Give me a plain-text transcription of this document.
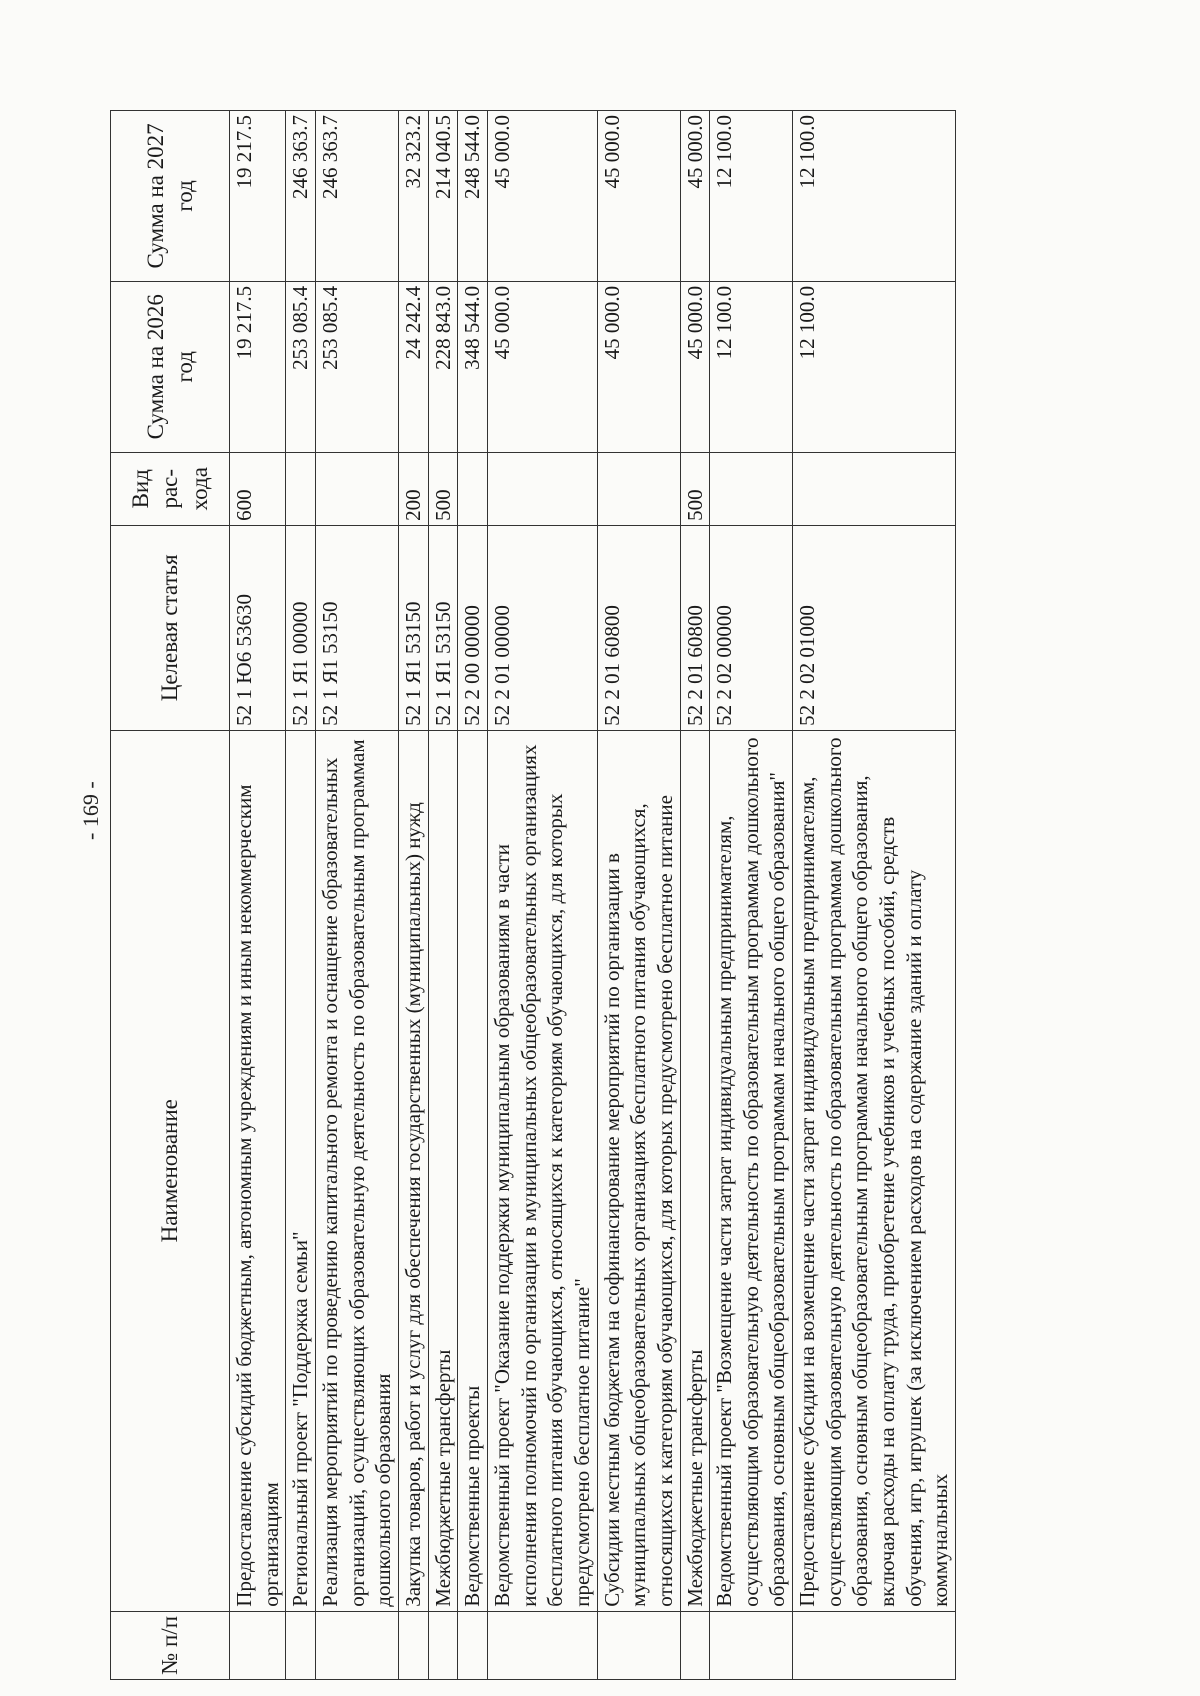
- 169 -
№ п/п	Наименование	Целевая статья	Вид рас-хода	Сумма на 2026 год	Сумма на 2027 год
	Предоставление субсидий бюджетным, автономным учреждениям и иным некоммерческим организациям	52 1 Ю6 53630	600	19 217.5	19 217.5
	Региональный проект "Поддержка семьи"	52 1 Я1 00000		253 085.4	246 363.7
	Реализация мероприятий по проведению капитального ремонта и оснащение образовательных организаций, осуществляющих образовательную деятельность по образовательным программам дошкольного образования	52 1 Я1 53150		253 085.4	246 363.7
	Закупка товаров, работ и услуг для обеспечения государственных (муниципальных) нужд	52 1 Я1 53150	200	24 242.4	32 323.2
	Межбюджетные трансферты	52 1 Я1 53150	500	228 843.0	214 040.5
	Ведомственные проекты	52 2 00 00000		348 544.0	248 544.0
	Ведомственный проект "Оказание поддержки муниципальным образованиям в части исполнения полномочий по организации в муниципальных общеобразовательных организациях бесплатного питания обучающихся, относящихся к категориям обучающихся, для которых предусмотрено бесплатное питание"	52 2 01 00000		45 000.0	45 000.0
	Субсидии местным бюджетам на софинансирование мероприятий по организации в муниципальных общеобразовательных организациях бесплатного питания обучающихся, относящихся к категориям обучающихся, для которых предусмотрено бесплатное питание	52 2 01 60800		45 000.0	45 000.0
	Межбюджетные трансферты	52 2 01 60800	500	45 000.0	45 000.0
	Ведомственный проект "Возмещение части затрат индивидуальным предпринимателям, осуществляющим образовательную деятельность по образовательным программам дошкольного образования, основным общеобразовательным программам начального общего образования"	52 2 02 00000		12 100.0	12 100.0
	Предоставление субсидии на возмещение части затрат индивидуальным предпринимателям, осуществляющим образовательную деятельность по образовательным программам дошкольного образования, основным общеобразовательным программам начального общего образования, включая расходы на оплату труда, приобретение учебников и учебных пособий, средств обучения, игр, игрушек (за исключением расходов на содержание зданий и оплату коммунальных	52 2 02 01000		12 100.0	12 100.0
